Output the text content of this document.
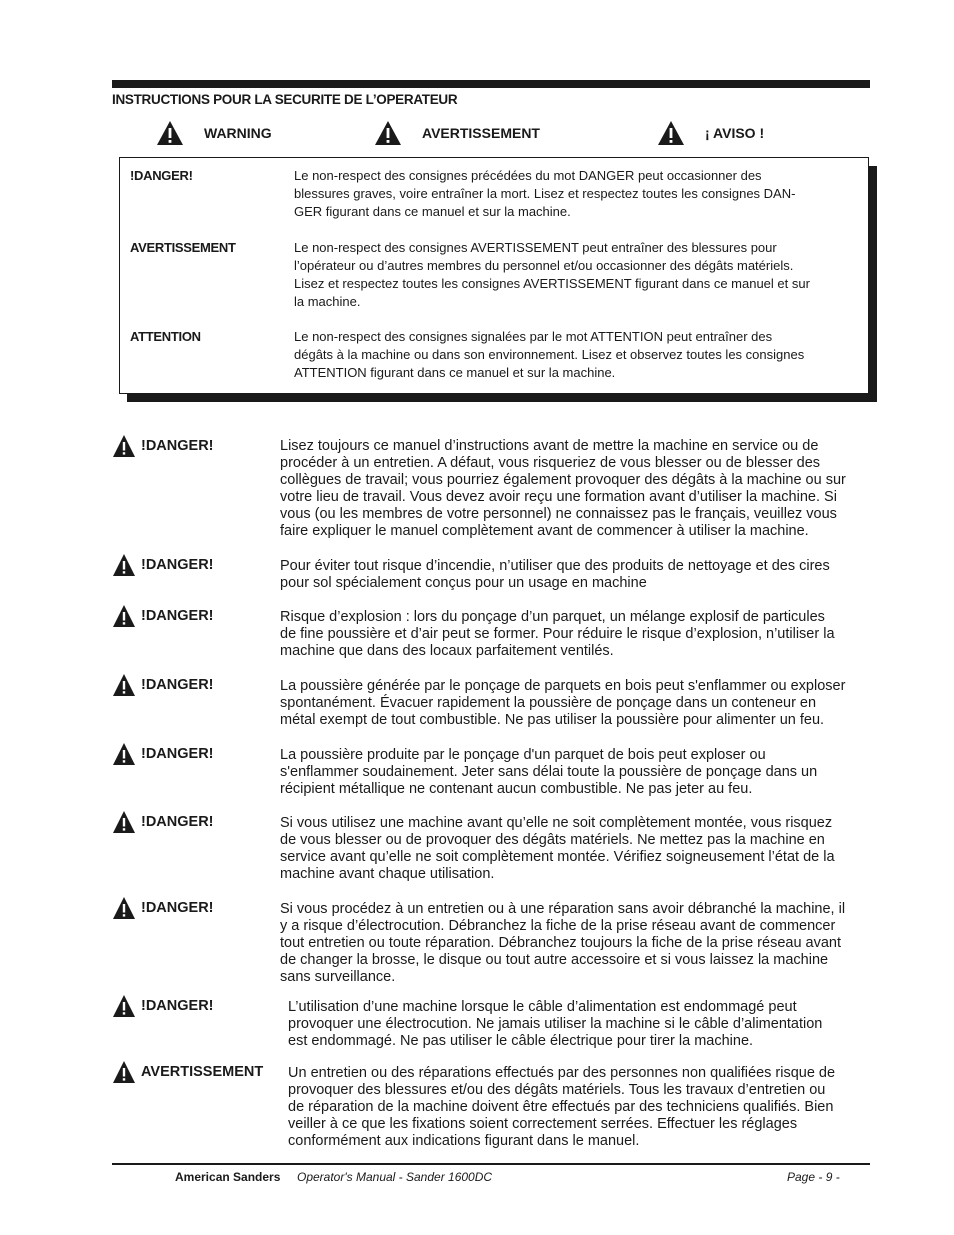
INSTRUCTIONS POUR LA SECURITE DE L’OPERATEUR
WARNING	AVERTISSEMENT	¡ AVISO !
!DANGER!	Le non-respect des consignes précédées du mot DANGER peut occasionner des
blessures graves, voire entraîner la mort. Lisez et respectez toutes les consignes DAN-
GER figurant dans ce manuel et sur la machine.
AVERTISSEMENT	Le non-respect des consignes AVERTISSEMENT peut entraîner des blessures pour
l’opérateur ou d’autres membres du personnel et/ou occasionner des dégâts matériels.
Lisez et respectez toutes les consignes AVERTISSEMENT figurant dans ce manuel et sur
la machine.
ATTENTION	Le non-respect des consignes signalées par le mot ATTENTION peut entraîner des
dégâts à la machine ou dans son environnement. Lisez et observez toutes les consignes
ATTENTION figurant dans ce manuel et sur la machine.
!DANGER!	Lisez toujours ce manuel d’instructions avant de mettre la machine en service ou de
procéder à un entretien. A défaut, vous risqueriez de vous blesser ou de blesser des
collègues de travail; vous pourriez également provoquer des dégâts à la machine ou sur
votre lieu de travail. Vous devez avoir reçu une formation avant d’utiliser la machine. Si
vous (ou les membres de votre personnel) ne connaissez pas le français, veuillez vous
faire expliquer le manuel complètement avant de commencer à utiliser la machine.
!DANGER!	Pour éviter tout risque d’incendie, n’utiliser que des produits de nettoyage et des cires
pour sol spécialement conçus pour un usage en machine
!DANGER!	Risque d’explosion : lors du ponçage d’un parquet, un mélange explosif de particules
de fine poussière et d’air peut se former. Pour réduire le risque d’explosion, n’utiliser la
machine que dans des locaux parfaitement ventilés.
!DANGER!	La poussière générée par le ponçage de parquets en bois peut s'enflammer ou exploser
spontanément. Évacuer rapidement la poussière de ponçage dans un conteneur en
métal exempt de tout combustible. Ne pas utiliser la poussière pour alimenter un feu.
!DANGER!	La poussière produite par le ponçage d'un parquet de bois peut exploser ou
s'enflammer soudainement. Jeter sans délai toute la poussière de ponçage dans un
récipient métallique ne contenant aucun combustible. Ne pas jeter au feu.
!DANGER!	Si vous utilisez une machine avant qu’elle ne soit complètement montée, vous risquez
de vous blesser ou de provoquer des dégâts matériels. Ne mettez pas la machine en
service avant qu’elle ne soit complètement montée. Vérifiez soigneusement l’état de la
machine avant chaque utilisation.
!DANGER!	Si vous procédez à un entretien ou à une réparation sans avoir débranché la machine, il
y a risque d’électrocution. Débranchez la fiche de la prise réseau avant de commencer
tout entretien ou toute réparation. Débranchez toujours la fiche de la prise réseau avant
de changer la brosse, le disque ou tout autre accessoire et si vous laissez la machine
sans surveillance.
!DANGER!	L’utilisation d’une machine lorsque le câble d’alimentation est endommagé peut
provoquer une électrocution. Ne jamais utiliser la machine si le câble d’alimentation
est endommagé. Ne pas utiliser le câble électrique pour tirer la machine.
AVERTISSEMENT Un entretien ou des réparations effectués par des personnes non qualifiées risque de
provoquer des blessures et/ou des dégâts matériels. Tous les travaux d’entretien ou
de réparation de la machine doivent être effectués par des techniciens qualifiés. Bien
veiller à ce que les fixations soient correctement serrées. Effectuer les réglages
conformément aux indications figurant dans le manuel.
American Sanders Operator's Manual - Sander 1600DC	Page - 9 -
